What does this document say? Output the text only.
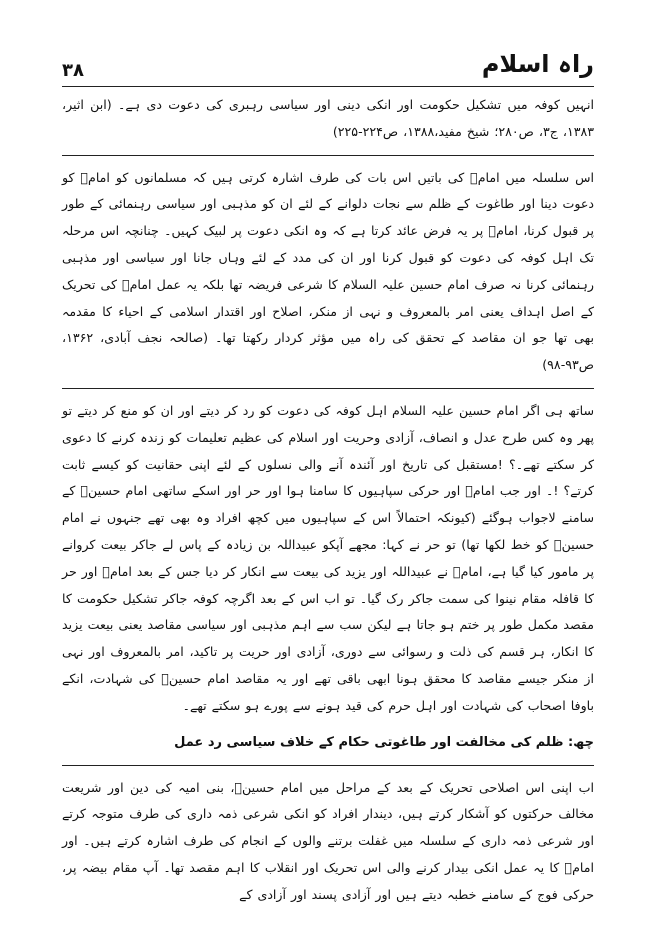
راہ اسلام
۳۸

انہیں کوفہ میں تشکیل حکومت اور انکی دینی اور سیاسی رہبری کی دعوت دی ہے۔ (ابن اثیر، ۱۳۸۳، ج۳، ص۲۸۰؛ شیخ مفید،۱۳۸۸، ص۲۲۴-۲۲۵)

اس سلسلہ میں امامؑ کی باتیں اس بات کی طرف اشارہ کرتی ہیں کہ مسلمانوں کو امامؑ کو دعوت دینا اور طاغوت کے ظلم سے نجات دلوانے کے لئے ان کو مذہبی اور سیاسی رہنمائی کے طور پر قبول کرنا، امامؑ پر یہ فرض عائد کرتا ہے کہ وہ انکی دعوت پر لبیک کہیں۔ چنانچہ اس مرحلہ تک اہل کوفہ کی دعوت کو قبول کرنا اور ان کی مدد کے لئے وہاں جانا اور سیاسی اور مذہبی رہنمائی کرنا نہ صرف امام حسین علیہ السلام کا شرعی فریضہ تھا بلکہ یہ عمل امامؑ کی تحریک کے اصل اہداف یعنی امر بالمعروف و نہی از منکر، اصلاح اور اقتدار اسلامی کے احیاء کا مقدمہ بھی تھا جو ان مقاصد کے تحقق کی راہ میں مؤثر کردار رکھتا تھا۔ (صالحہ نجف آبادی، ۱۳۶۲، ص۹۳-۹۸)

ساتھ ہی اگر امام حسین علیہ السلام اہل کوفہ کی دعوت کو رد کر دیتے اور ان کو منع کر دیتے تو پھر وہ کس طرح عدل و انصاف، آزادی وحریت اور اسلام کی عظیم تعلیمات کو زندہ کرنے کا دعوی کر سکتے تھے۔؟ !مستقبل کی تاریخ اور آئندہ آنے والی نسلوں کے لئے اپنی حقانیت کو کیسے ثابت کرتے؟ !۔ اور جب امامؑ اور حرکی سپاہیوں کا سامنا ہوا اور حر اور اسکے ساتھی امام حسینؑ کے سامنے لاجواب ہوگئے (کیونکہ احتمالاً اس کے سپاہیوں میں کچھ افراد وہ بھی تھے جنہوں نے امام حسینؑ کو خط لکھا تھا) تو حر نے کہا: مجھے آپکو عبیداللہ بن زیادہ کے پاس لے جاکر بیعت کروانے پر مامور کیا گیا ہے، امامؑ نے عبیداللہ اور یزید کی بیعت سے انکار کر دیا جس کے بعد امامؑ اور حر کا قافلہ مقام نینوا کی سمت جاکر رک گیا۔ تو اب اس کے بعد اگرچہ کوفہ جاکر تشکیل حکومت کا مقصد مکمل طور پر ختم ہو جاتا ہے لیکن سب سے اہم مذہبی اور سیاسی مقاصد یعنی بیعت یزید کا انکار، ہر قسم کی ذلت و رسوائی سے دوری، آزادی اور حریت پر تاکید، امر بالمعروف اور نہی از منکر جیسے مقاصد کا محقق ہونا ابھی باقی تھے اور یہ مقاصد امام حسینؑ کی شہادت، انکے باوفا اصحاب کی شہادت اور اہل حرم کی قید ہونے سے پورے ہو سکتے تھے۔

چھ: ظلم کی مخالفت اور طاغوتی حکام کے خلاف سیاسی رد عمل

اب اپنی اس اصلاحی تحریک کے بعد کے مراحل میں امام حسینؑ، بنی امیہ کی دین اور شریعت مخالف حرکتوں کو آشکار کرتے ہیں، دیندار افراد کو انکی شرعی ذمہ داری کی طرف متوجہ کرتے اور شرعی ذمہ داری کے سلسلہ میں غفلت برتنے والوں کے انجام کی طرف اشارہ کرتے ہیں۔ اور امامؑ کا یہ عمل انکی بیدار کرنے والی اس تحریک اور انقلاب کا اہم مقصد تھا۔ آپ مقام بیضہ پر، حرکی فوج کے سامنے خطبہ دیتے ہیں اور آزادی پسند اور آزادی کے
